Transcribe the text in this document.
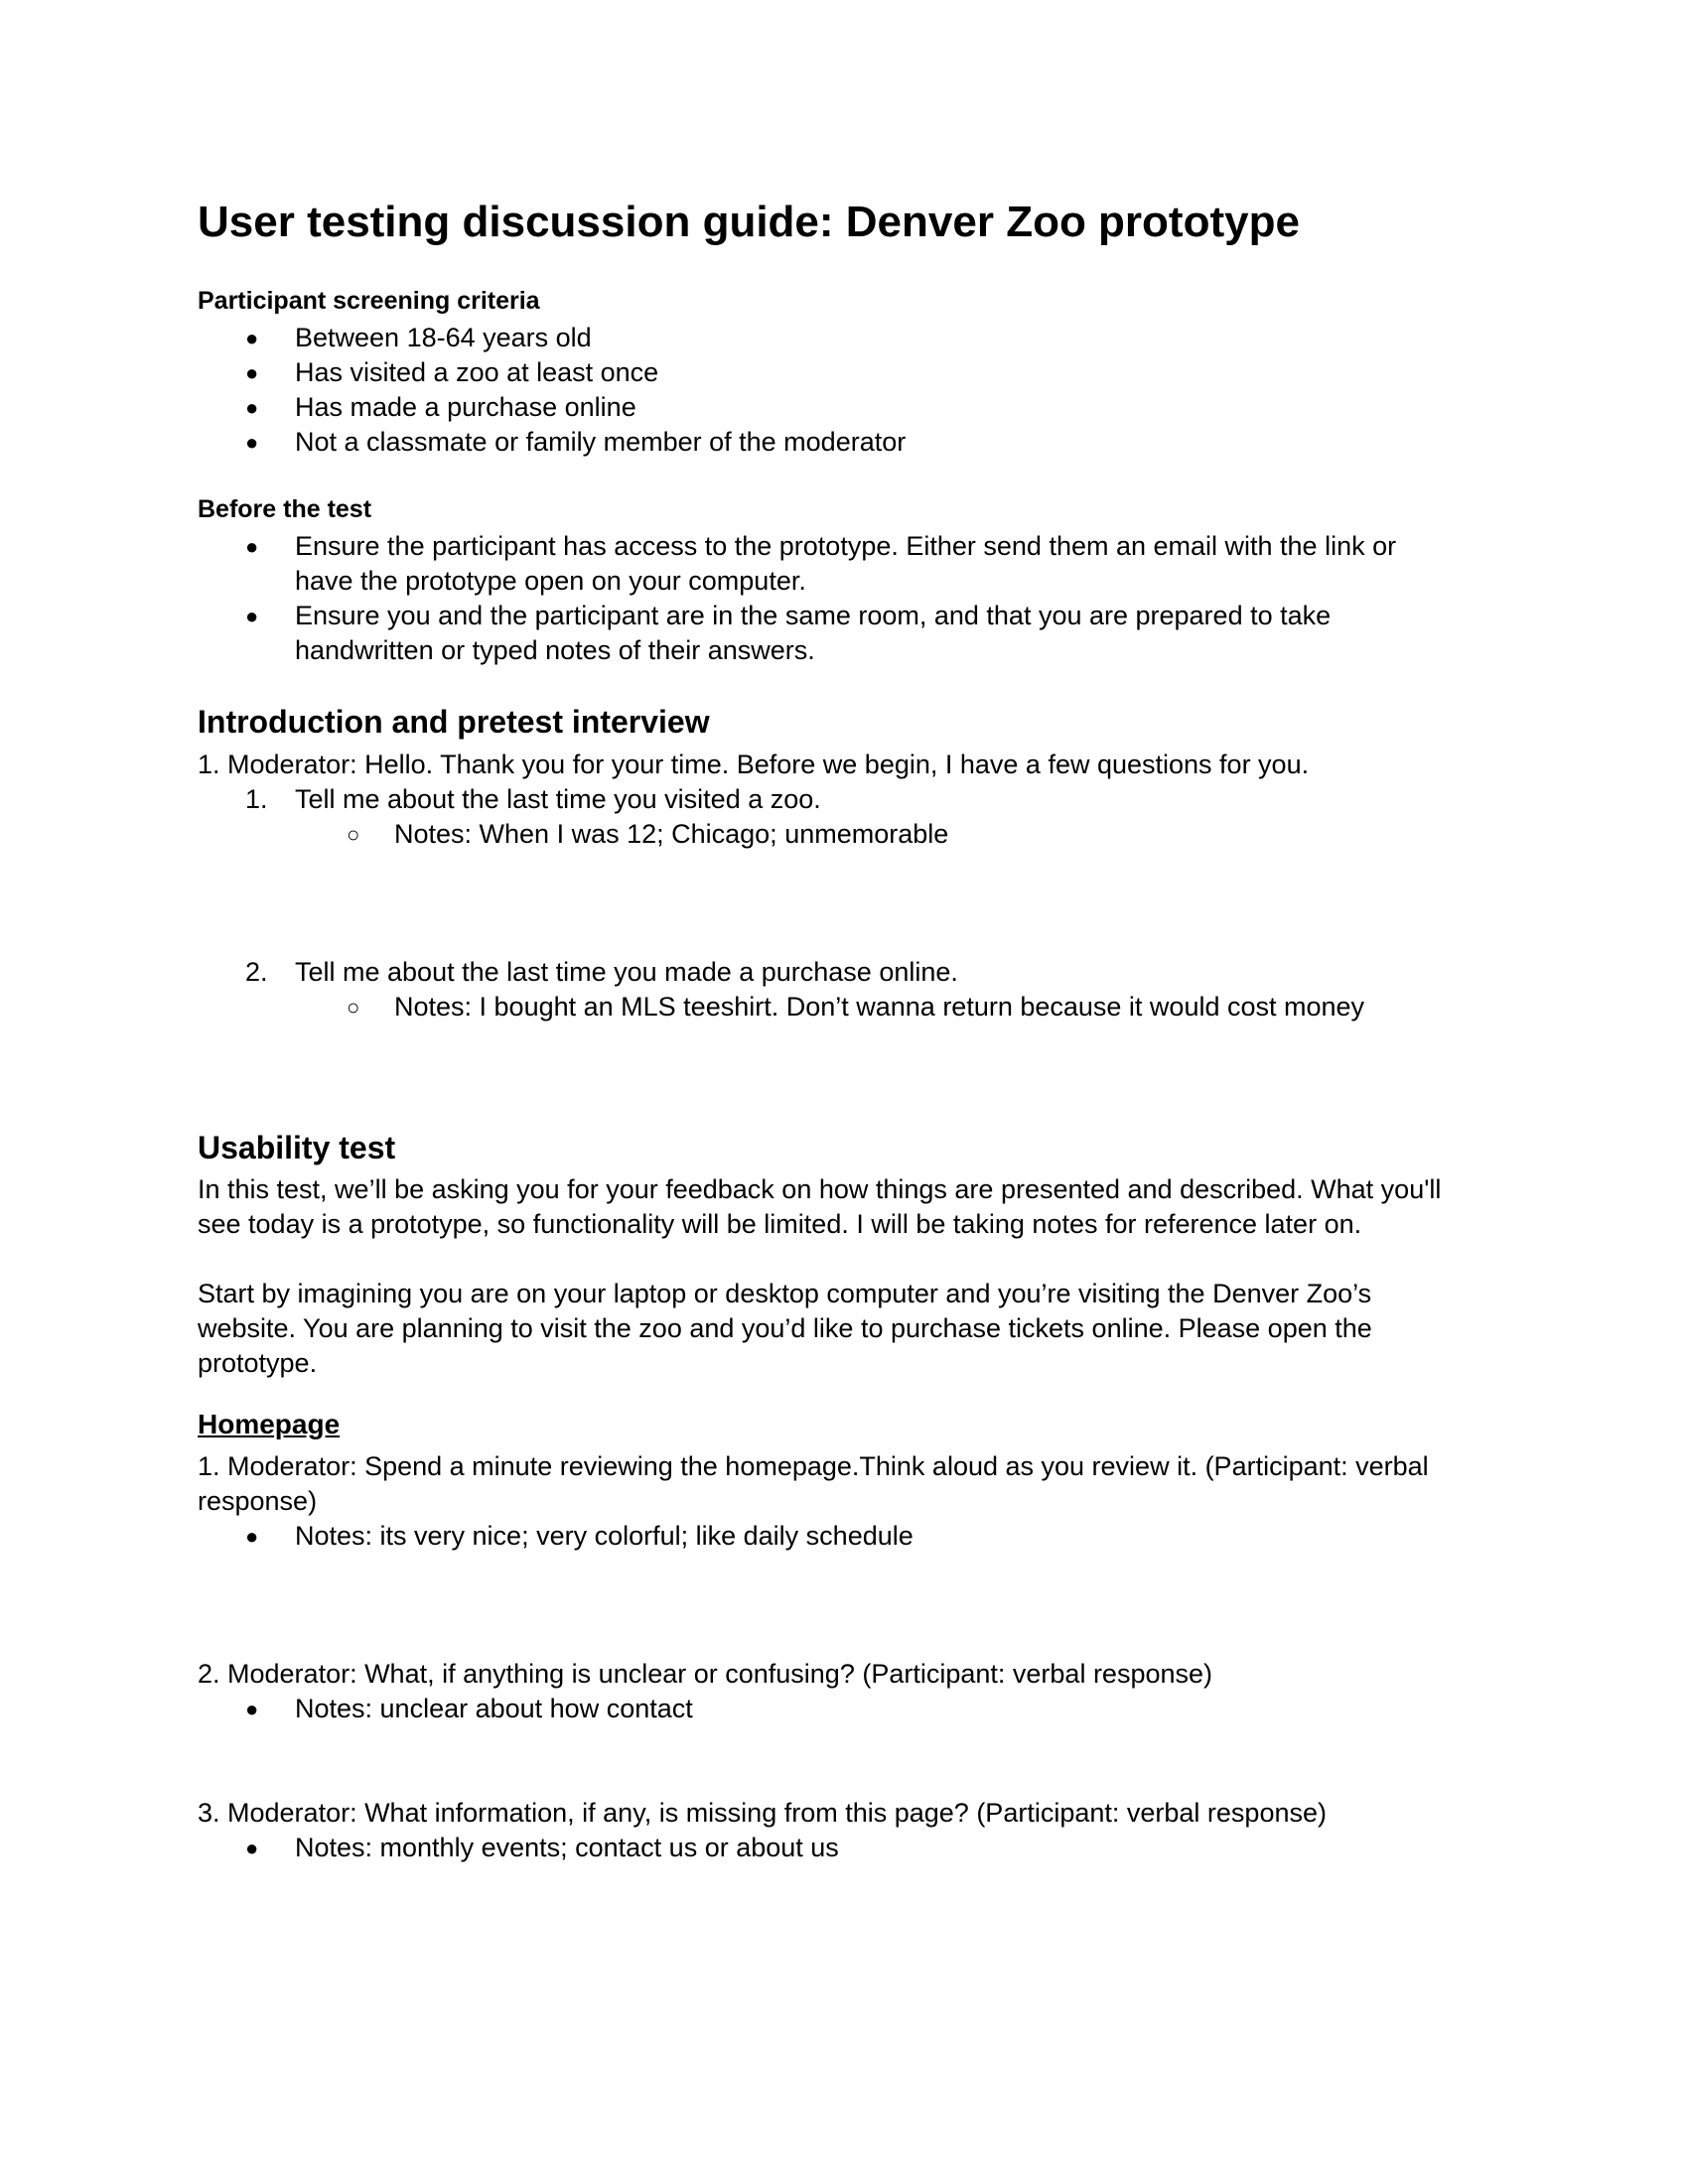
User testing discussion guide: Denver Zoo prototype
Participant screening criteria
● Between 18-64 years old
● Has visited a zoo at least once
● Has made a purchase online
● Not a classmate or family member of the moderator
Before the test
● Ensure the participant has access to the prototype. Either send them an email with the link or have the prototype open on your computer.
● Ensure you and the participant are in the same room, and that you are prepared to take handwritten or typed notes of their answers.
Introduction and pretest interview
1. Moderator: Hello. Thank you for your time. Before we begin, I have a few questions for you.
1. Tell me about the last time you visited a zoo.
○ Notes: When I was 12; Chicago; unmemorable
2. Tell me about the last time you made a purchase online.
○ Notes: I bought an MLS teeshirt. Don’t wanna return because it would cost money
Usability test
In this test, we’ll be asking you for your feedback on how things are presented and described. What you'll see today is a prototype, so functionality will be limited. I will be taking notes for reference later on.
Start by imagining you are on your laptop or desktop computer and you’re visiting the Denver Zoo’s website. You are planning to visit the zoo and you’d like to purchase tickets online. Please open the prototype.
Homepage
1. Moderator: Spend a minute reviewing the homepage.Think aloud as you review it. (Participant: verbal response)
● Notes: its very nice; very colorful; like daily schedule
2. Moderator: What, if anything is unclear or confusing? (Participant: verbal response)
● Notes: unclear about how contact
3. Moderator: What information, if any, is missing from this page? (Participant: verbal response)
● Notes: monthly events; contact us or about us
